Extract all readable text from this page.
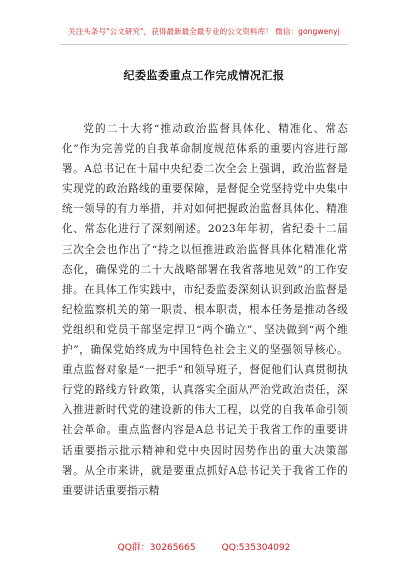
关注头条号"公文研究"，获得最新最全最专业的公文资料库！ 微信：gongwenyj
纪委监委重点工作完成情况汇报

党的二十大将“推动政治监督具体化、精准化、常态化”作为完善党的自我革命制度规范体系的重要内容进行部署。A总书记在十届中央纪委二次全会上强调，政治监督是实现党的政治路线的重要保障，是督促全党坚持党中央集中统一领导的有力举措，并对如何把握政治监督具体化、精准化、常态化进行了深刻阐述。2023年年初，省纪委十二届三次全会也作出了“持之以恒推进政治监督具体化精准化常态化，确保党的二十大战略部署在我省落地见效”的工作安排。在具体工作实践中，市纪委监委深刻认识到政治监督是纪检监察机关的第一职责、根本职责，根本任务是推动各级党组织和党员干部坚定捍卫“两个确立”、坚决做到“两个维护”，确保党始终成为中国特色社会主义的坚强领导核心。重点监督对象是“一把手”和领导班子，督促他们认真贯彻执行党的路线方针政策，认真落实全面从严治党政治责任，深入推进新时代党的建设新的伟大工程，以党的自我革命引领社会革命。重点监督内容是A总书记关于我省工作的重要讲话重要指示批示精神和党中央因时因势作出的重大决策部署。从全市来讲，就是要重点抓好A总书记关于我省工作的重要讲话重要指示精

QQ群：30265665	QQ:535304092
